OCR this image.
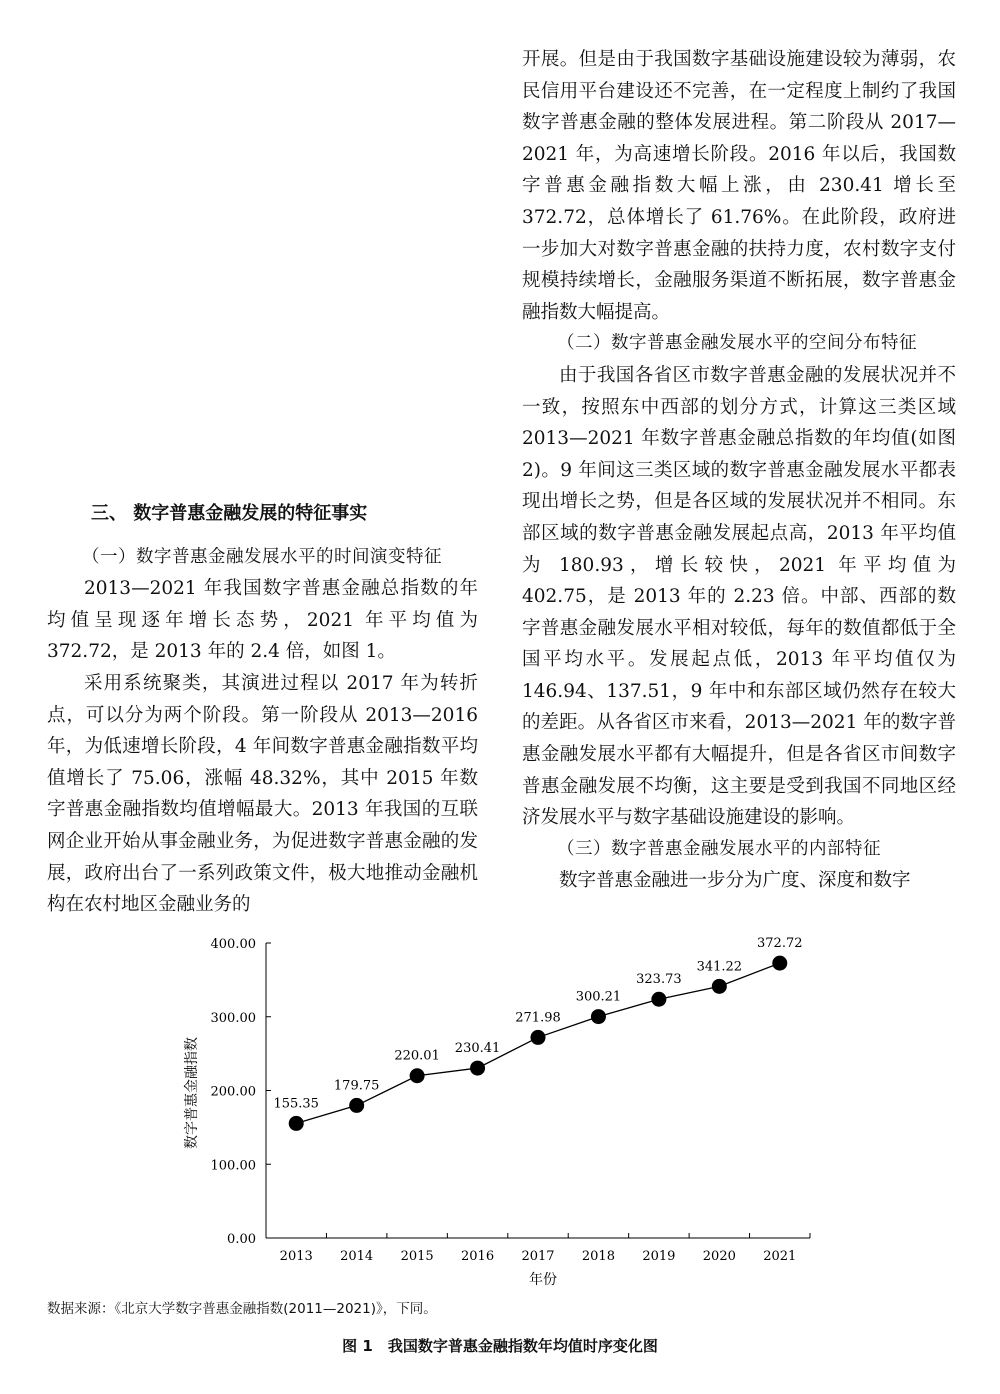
三、 数字普惠金融发展的特征事实

（一）数字普惠金融发展水平的时间演变特征

2013—2021 年我国数字普惠金融总指数的年均值呈现逐年增长态势，2021 年平均值为 372.72，是 2013 年的 2.4 倍，如图 1。

采用系统聚类，其演进过程以 2017 年为转折点，可以分为两个阶段。第一阶段从 2013—2016 年，为低速增长阶段，4 年间数字普惠金融指数平均值增长了 75.06，涨幅 48.32%，其中 2015 年数字普惠金融指数均值增幅最大。2013 年我国的互联网企业开始从事金融业务，为促进数字普惠金融的发展，政府出台了一系列政策文件，极大地推动金融机构在农村地区金融业务的

开展。但是由于我国数字基础设施建设较为薄弱，农民信用平台建设还不完善，在一定程度上制约了我国数字普惠金融的整体发展进程。第二阶段从 2017—2021 年，为高速增长阶段。2016 年以后，我国数字普惠金融指数大幅上涨，由 230.41 增长至 372.72，总体增长了 61.76%。在此阶段，政府进一步加大对数字普惠金融的扶持力度，农村数字支付规模持续增长，金融服务渠道不断拓展，数字普惠金融指数大幅提高。

（二）数字普惠金融发展水平的空间分布特征

由于我国各省区市数字普惠金融的发展状况并不一致，按照东中西部的划分方式，计算这三类区域 2013—2021 年数字普惠金融总指数的年均值(如图 2)。9 年间这三类区域的数字普惠金融发展水平都表现出增长之势，但是各区域的发展状况并不相同。东部区域的数字普惠金融发展起点高，2013 年平均值为 180.93，增长较快，2021 年平均值为 402.75，是 2013 年的 2.23 倍。中部、西部的数字普惠金融发展水平相对较低，每年的数值都低于全国平均水平。发展起点低，2013 年平均值仅为 146.94、137.51，9 年中和东部区域仍然存在较大的差距。从各省区市来看，2013—2021 年的数字普惠金融发展水平都有大幅提升，但是各省区市间数字普惠金融发展不均衡，这主要是受到我国不同地区经济发展水平与数字基础设施建设的影响。

（三）数字普惠金融发展水平的内部特征

数字普惠金融进一步分为广度、深度和数字

0.00
100.00
200.00
300.00
400.00
2013 2014 2015 2016 2017 2018 2019 2020 2021
155.35
179.75
220.01
230.41
271.98
300.21
323.73
341.22
372.72
年份
数字普惠金融指数
数据来源：《北京大学数字普惠金融指数(2011—2021)》，下同。
图 1　我国数字普惠金融指数年均值时序变化图
